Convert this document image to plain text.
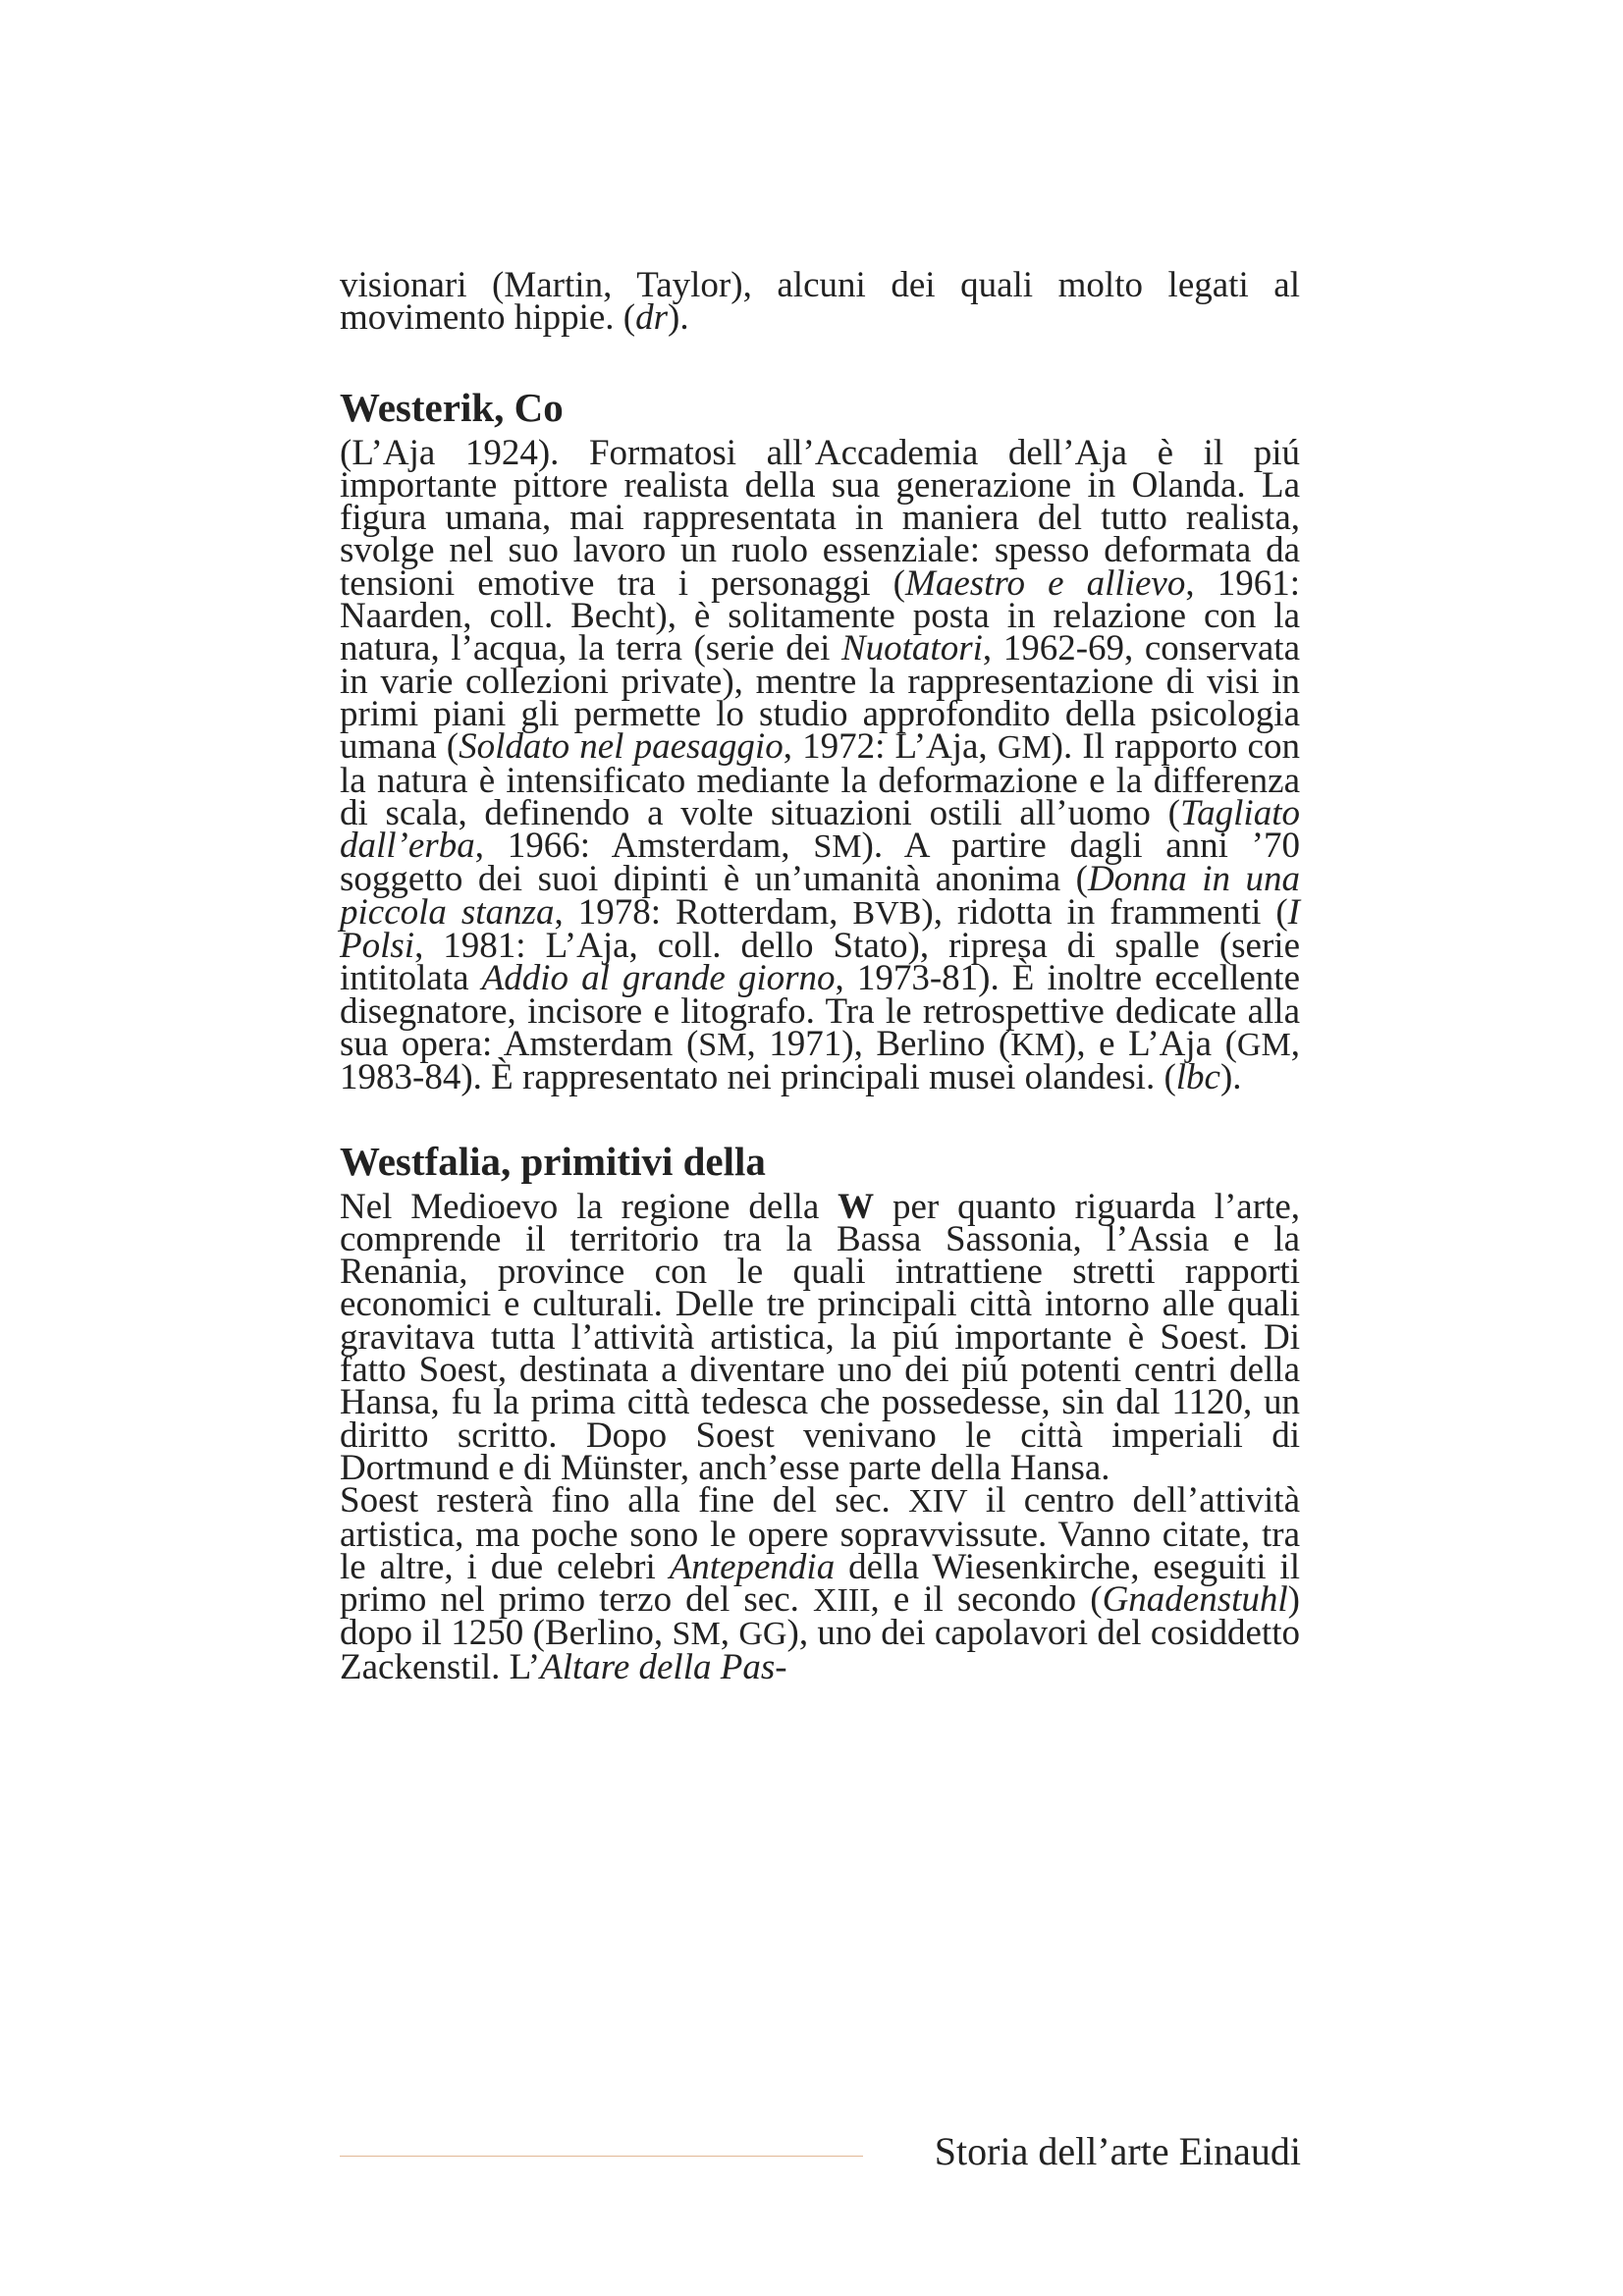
visionari (Martin, Taylor), alcuni dei quali molto legati al movimento hippie. (dr).

Westerik, Co

(L’Aja 1924). Formatosi all’Accademia dell’Aja è il piú importante pittore realista della sua generazione in Olanda. La figura umana, mai rappresentata in maniera del tutto realista, svolge nel suo lavoro un ruolo essenziale: spesso deformata da tensioni emotive tra i personaggi (Maestro e allievo, 1961: Naarden, coll. Becht), è solitamente posta in relazione con la natura, l’acqua, la terra (serie dei Nuotatori, 1962-69, conservata in varie collezioni private), mentre la rappresentazione di visi in primi piani gli permette lo studio approfondito della psicologia umana (Soldato nel paesaggio, 1972: L’Aja, GM). Il rapporto con la natura è intensificato mediante la deformazione e la differenza di scala, definendo a volte situazioni ostili all’uomo (Tagliato dall’erba, 1966: Amsterdam, SM). A partire dagli anni ’70 soggetto dei suoi dipinti è un’umanità anonima (Donna in una piccola stanza, 1978: Rotterdam, BVB), ridotta in frammenti (I Polsi, 1981: L’Aja, coll. dello Stato), ripresa di spalle (serie intitolata Addio al grande giorno, 1973-81). È inoltre eccellente disegnatore, incisore e litografo. Tra le retrospettive dedicate alla sua opera: Amsterdam (SM, 1971), Berlino (KM), e L’Aja (GM, 1983-84). È rappresentato nei principali musei olandesi. (lbc).

Westfalia, primitivi della

Nel Medioevo la regione della W per quanto riguarda l’arte, comprende il territorio tra la Bassa Sassonia, l’Assia e la Renania, province con le quali intrattiene stretti rapporti economici e culturali. Delle tre principali città intorno alle quali gravitava tutta l’attività artistica, la piú importante è Soest. Di fatto Soest, destinata a diventare uno dei piú potenti centri della Hansa, fu la prima città tedesca che possedesse, sin dal 1120, un diritto scritto. Dopo Soest venivano le città imperiali di Dortmund e di Münster, anch’esse parte della Hansa.

Soest resterà fino alla fine del sec. XIV il centro dell’attività artistica, ma poche sono le opere sopravvissute. Vanno citate, tra le altre, i due celebri Antependia della Wiesenkirche, eseguiti il primo nel primo terzo del sec. XIII, e il secondo (Gnadenstuhl) dopo il 1250 (Berlino, SM, GG), uno dei capolavori del cosiddetto Zackenstil. L’Altare della Pas-

Storia dell’arte Einaudi
